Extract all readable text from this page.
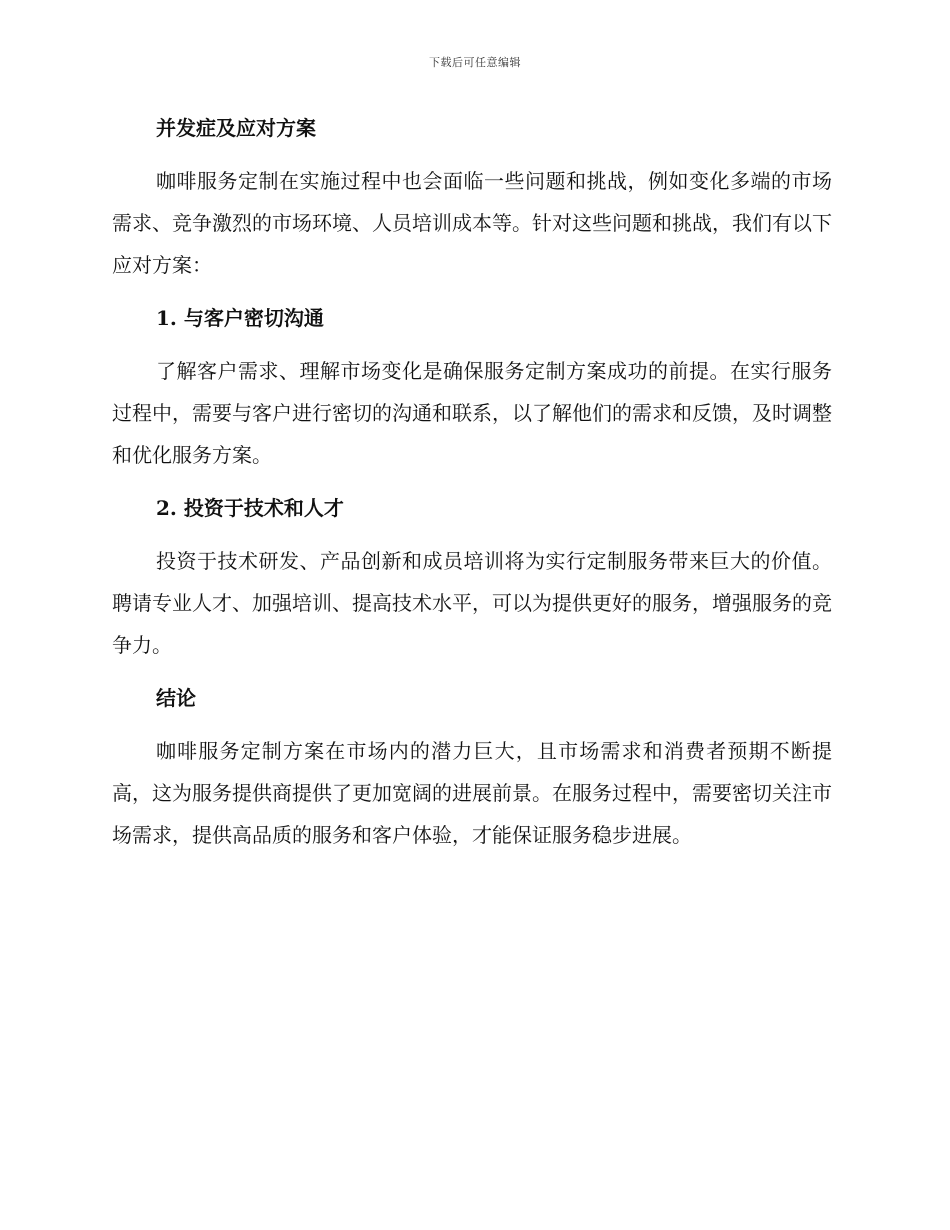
下载后可任意编辑
并发症及应对方案

咖啡服务定制在实施过程中也会面临一些问题和挑战，例如变化多端的市场需求、竞争激烈的市场环境、人员培训成本等。针对这些问题和挑战，我们有以下应对方案：

1. 与客户密切沟通

了解客户需求、理解市场变化是确保服务定制方案成功的前提。在实行服务过程中，需要与客户进行密切的沟通和联系，以了解他们的需求和反馈，及时调整和优化服务方案。

2. 投资于技术和人才

投资于技术研发、产品创新和成员培训将为实行定制服务带来巨大的价值。聘请专业人才、加强培训、提高技术水平，可以为提供更好的服务，增强服务的竞争力。

结论

咖啡服务定制方案在市场内的潜力巨大，且市场需求和消费者预期不断提高，这为服务提供商提供了更加宽阔的进展前景。在服务过程中，需要密切关注市场需求，提供高品质的服务和客户体验，才能保证服务稳步进展。
